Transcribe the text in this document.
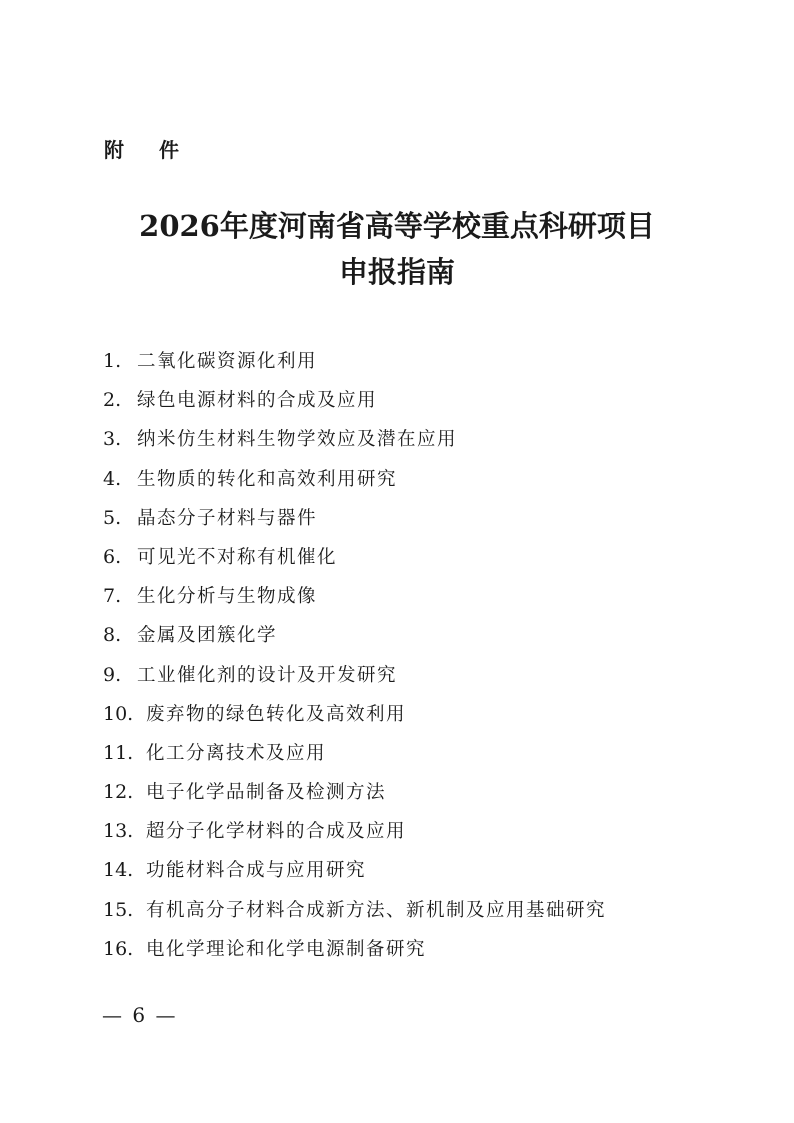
附 件
2026年度河南省高等学校重点科研项目
申报指南
1. 二氧化碳资源化利用
2. 绿色电源材料的合成及应用
3. 纳米仿生材料生物学效应及潜在应用
4. 生物质的转化和高效利用研究
5. 晶态分子材料与器件
6. 可见光不对称有机催化
7. 生化分析与生物成像
8. 金属及团簇化学
9. 工业催化剂的设计及开发研究
10. 废弃物的绿色转化及高效利用
11. 化工分离技术及应用
12. 电子化学品制备及检测方法
13. 超分子化学材料的合成及应用
14. 功能材料合成与应用研究
15. 有机高分子材料合成新方法、新机制及应用基础研究
16. 电化学理论和化学电源制备研究
— 6 —
